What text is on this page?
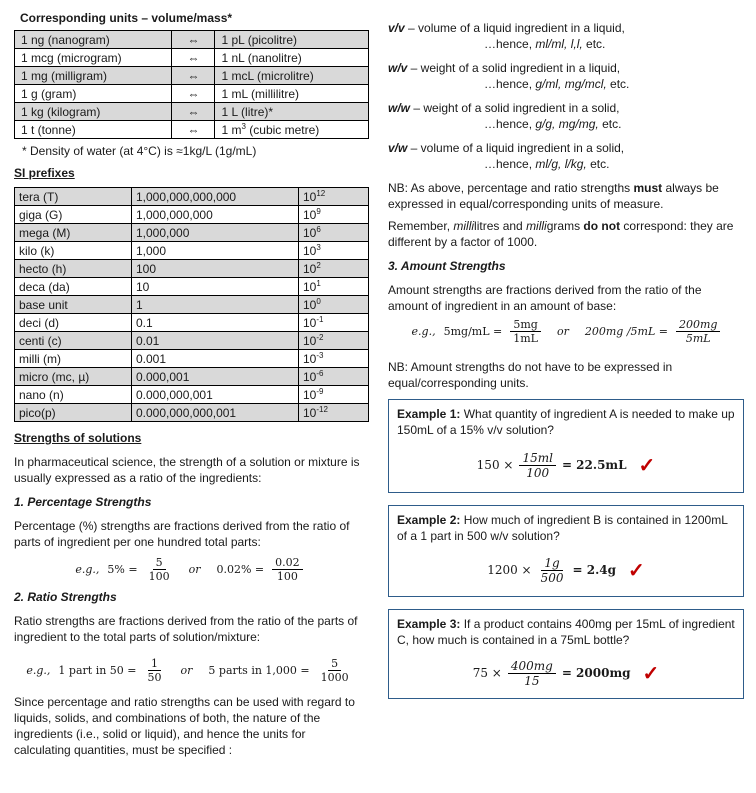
Corresponding units – volume/mass*

1 ng (nanogram)	⇔	1 pL (picolitre)
1 mcg (microgram)	⇔	1 nL (nanolitre)
1 mg (milligram)	⇔	1 mcL (microlitre)
1 g (gram)	⇔	1 mL (millilitre)
1 kg (kilogram)	⇔	1 L (litre)*
1 t (tonne)	⇔	1 $m^3$ (cubic metre)

* Density of water (at 4°C) is ≈1kg/L (1g/mL)

SI prefixes

tera (T)	1,000,000,000,000	$10^{12}$
giga (G)	1,000,000,000	$10^9$
mega (M)	1,000,000	$10^6$
kilo (k)	1,000	$10^3$
hecto (h)	100	$10^2$
deca (da)	10	$10^1$
base unit	1	$10^0$
deci (d)	0.1	$10^{-1}$
centi (c)	0.01	$10^{-2}$
milli (m)	0.001	$10^{-3}$
micro (mc, µ)	0.000,001	$10^{-6}$
nano (n)	0.000,000,001	$10^{-9}$
pico(p)	0.000,000,000,001	$10^{-12}$

Strengths of solutions

In pharmaceutical science, the strength of a solution or mixture is usually expressed as a ratio of the ingredients:

1. Percentage Strengths

Percentage (%) strengths are fractions derived from the ratio of parts of ingredient per one hundred total parts:

e.g., $5\% = \frac{5}{100}$ or $0.02\% = \frac{0.02}{100}$

2. Ratio Strengths

Ratio strengths are fractions derived from the ratio of the parts of ingredient to the total parts of solution/mixture:

e.g., 1 part in $50 = \frac{1}{50}$ or 5 parts in $1,000 = \frac{5}{1000}$

Since percentage and ratio strengths can be used with regard to liquids, solids, and combinations of both, the nature of the ingredients (i.e., solid or liquid), and hence the units for calculating quantities, must be specified :

v/v – volume of a liquid ingredient in a liquid,
…hence, ml/ml, l,l, etc.
w/v – weight of a solid ingredient in a liquid,
…hence, g/ml, mg/mcl, etc.
w/w – weight of a solid ingredient in a solid,
…hence, g/g, mg/mg, etc.
v/w – volume of a liquid ingredient in a solid,
…hence, ml/g, l/kg, etc.

NB: As above, percentage and ratio strengths must always be expressed in equal/corresponding units of measure.

Remember, millilitres and milligrams do not correspond: they are different by a factor of 1000.

3. Amount Strengths

Amount strengths are fractions derived from the ratio of the amount of ingredient in an amount of base:

e.g., $5mg/mL = \frac{5mg}{1mL}$ or 200mg $/5mL = \frac{200mg}{5mL}$

NB: Amount strengths do not have to be expressed in equal/corresponding units.

Example 1: What quantity of ingredient A is needed to make up 150mL of a 15% v/v solution?

$150 \times \frac{15ml}{100} = 22.5mL$ ✓

Example 2: How much of ingredient B is contained in 1200mL of a 1 part in 500 w/v solution?

$1200 \times \frac{1g}{500} = 2.4g$ ✓

Example 3: If a product contains 400mg per 15mL of ingredient C, how much is contained in a 75mL bottle?

$75 \times \frac{400mg}{15} = 2000mg$ ✓
